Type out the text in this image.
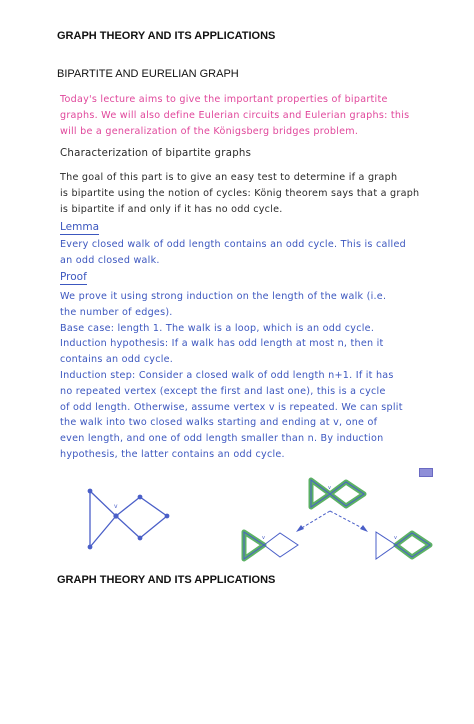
GRAPH THEORY AND ITS APPLICATIONS

BIPARTITE AND EURELIAN GRAPH

Today's lecture aims to give the important properties of bipartite
graphs. We will also define Eulerian circuits and Eulerian graphs: this
will be a generalization of the Königsberg bridges problem.
Characterization of bipartite graphs
The goal of this part is to give an easy test to determine if a graph
is bipartite using the notion of cycles: König theorem says that a graph
is bipartite if and only if it has no odd cycle.
Lemma
Every closed walk of odd length contains an odd cycle. This is called
an odd closed walk.
Proof
We prove it using strong induction on the length of the walk (i.e.
the number of edges).
Base case: length 1. The walk is a loop, which is an odd cycle.
Induction hypothesis: If a walk has odd length at most n, then it
contains an odd cycle.
Induction step: Consider a closed walk of odd length n+1. If it has
no repeated vertex (except the first and last one), this is a cycle
of odd length. Otherwise, assume vertex v is repeated. We can split
the walk into two closed walks starting and ending at v, one of
even length, and one of odd length smaller than n. By induction
hypothesis, the latter contains an odd cycle.
v
v
v	v

GRAPH THEORY AND ITS APPLICATIONS
